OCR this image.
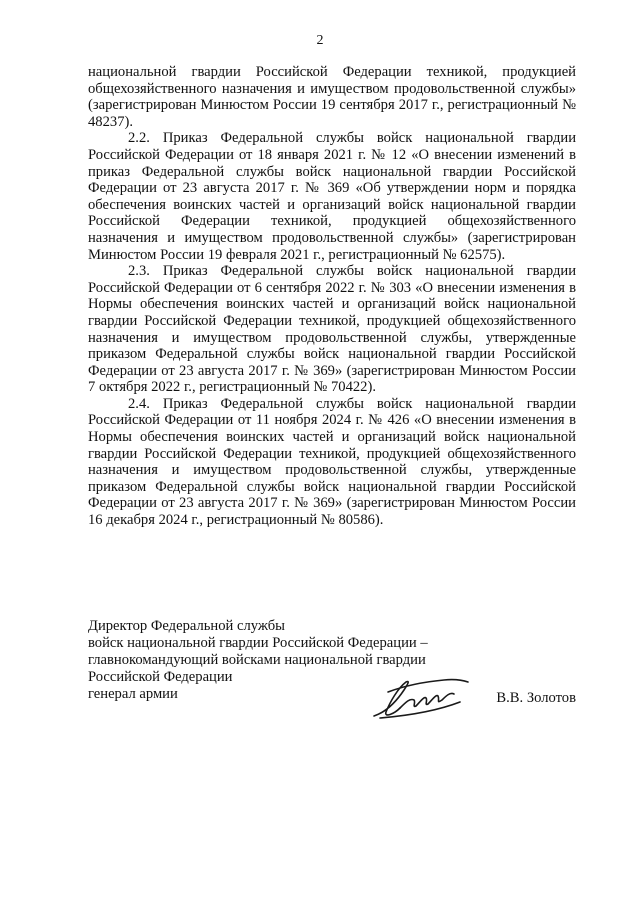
2

национальной гвардии Российской Федерации техникой, продукцией общехозяйственного назначения и имуществом продовольственной службы» (зарегистрирован Минюстом России 19 сентября 2017 г., регистрационный № 48237).

2.2. Приказ Федеральной службы войск национальной гвардии Российской Федерации от 18 января 2021 г. № 12 «О внесении изменений в приказ Федеральной службы войск национальной гвардии Российской Федерации от 23 августа 2017 г. № 369 «Об утверждении норм и порядка обеспечения воинских частей и организаций войск национальной гвардии Российской Федерации техникой, продукцией общехозяйственного назначения и имуществом продовольственной службы» (зарегистрирован Минюстом России 19 февраля 2021 г., регистрационный № 62575).

2.3. Приказ Федеральной службы войск национальной гвардии Российской Федерации от 6 сентября 2022 г. № 303 «О внесении изменения в Нормы обеспечения воинских частей и организаций войск национальной гвардии Российской Федерации техникой, продукцией общехозяйственного назначения и имуществом продовольственной службы, утвержденные приказом Федеральной службы войск национальной гвардии Российской Федерации от 23 августа 2017 г. № 369» (зарегистрирован Минюстом России 7 октября 2022 г., регистрационный № 70422).

2.4. Приказ Федеральной службы войск национальной гвардии Российской Федерации от 11 ноября 2024 г. № 426 «О внесении изменения в Нормы обеспечения воинских частей и организаций войск национальной гвардии Российской Федерации техникой, продукцией общехозяйственного назначения и имуществом продовольственной службы, утвержденные приказом Федеральной службы войск национальной гвардии Российской Федерации от 23 августа 2017 г. № 369» (зарегистрирован Минюстом России 16 декабря 2024 г., регистрационный № 80586).

Директор Федеральной службы
войск национальной гвардии Российской Федерации –
главнокомандующий войсками национальной гвардии
Российской Федерации
генерал армии	В.В. Золотов
